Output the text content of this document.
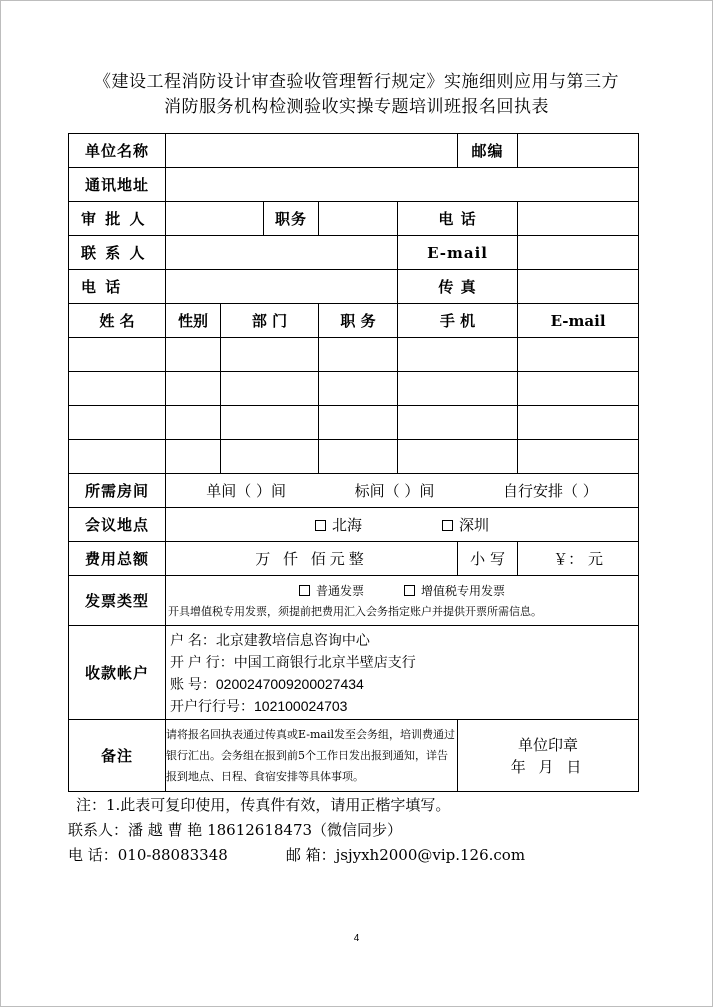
《建设工程消防设计审查验收管理暂行规定》实施细则应用与第三方
消防服务机构检测验收实操专题培训班报名回执表
单位名称						邮编	
通讯地址							
审 批 人			职务		电 话		
联 系 人					E-mail		
电 话					传 真		
姓 名	性别	部 门		职 务	手 机		E-mail

所需房间	单间（ ）间 标间（ ）间 自行安排（ ）						

会议地点	北海 深圳						

费用总额	万 仟 佰元整					小 写	￥： 元
发票类型	普通发票 增值税专用发票
开具增值税专用发票，须提前把费用汇入会务指定账户并提供开票所需信息。						

收款帐户	户 名：北京建教培信息咨询中心
开 户 行：中国工商银行北京半壁店支行
账 号：0200247009200027434
开户行行号：102100024703						

备注	请将报名回执表通过传真或E-mail发至会务组，培训费通过银行汇出。会务组在报到前5个工作日发出报到通知，详告报到地点、日程、食宿安排等具体事项。					单位印章
年 月 日	
注：1.此表可复印使用，传真件有效，请用正楷字填写。
联系人：潘 越 曹 艳 18612618473（微信同步）
电 话：010-88083348	邮 箱：jsjyxh2000@vip.126.com
4
